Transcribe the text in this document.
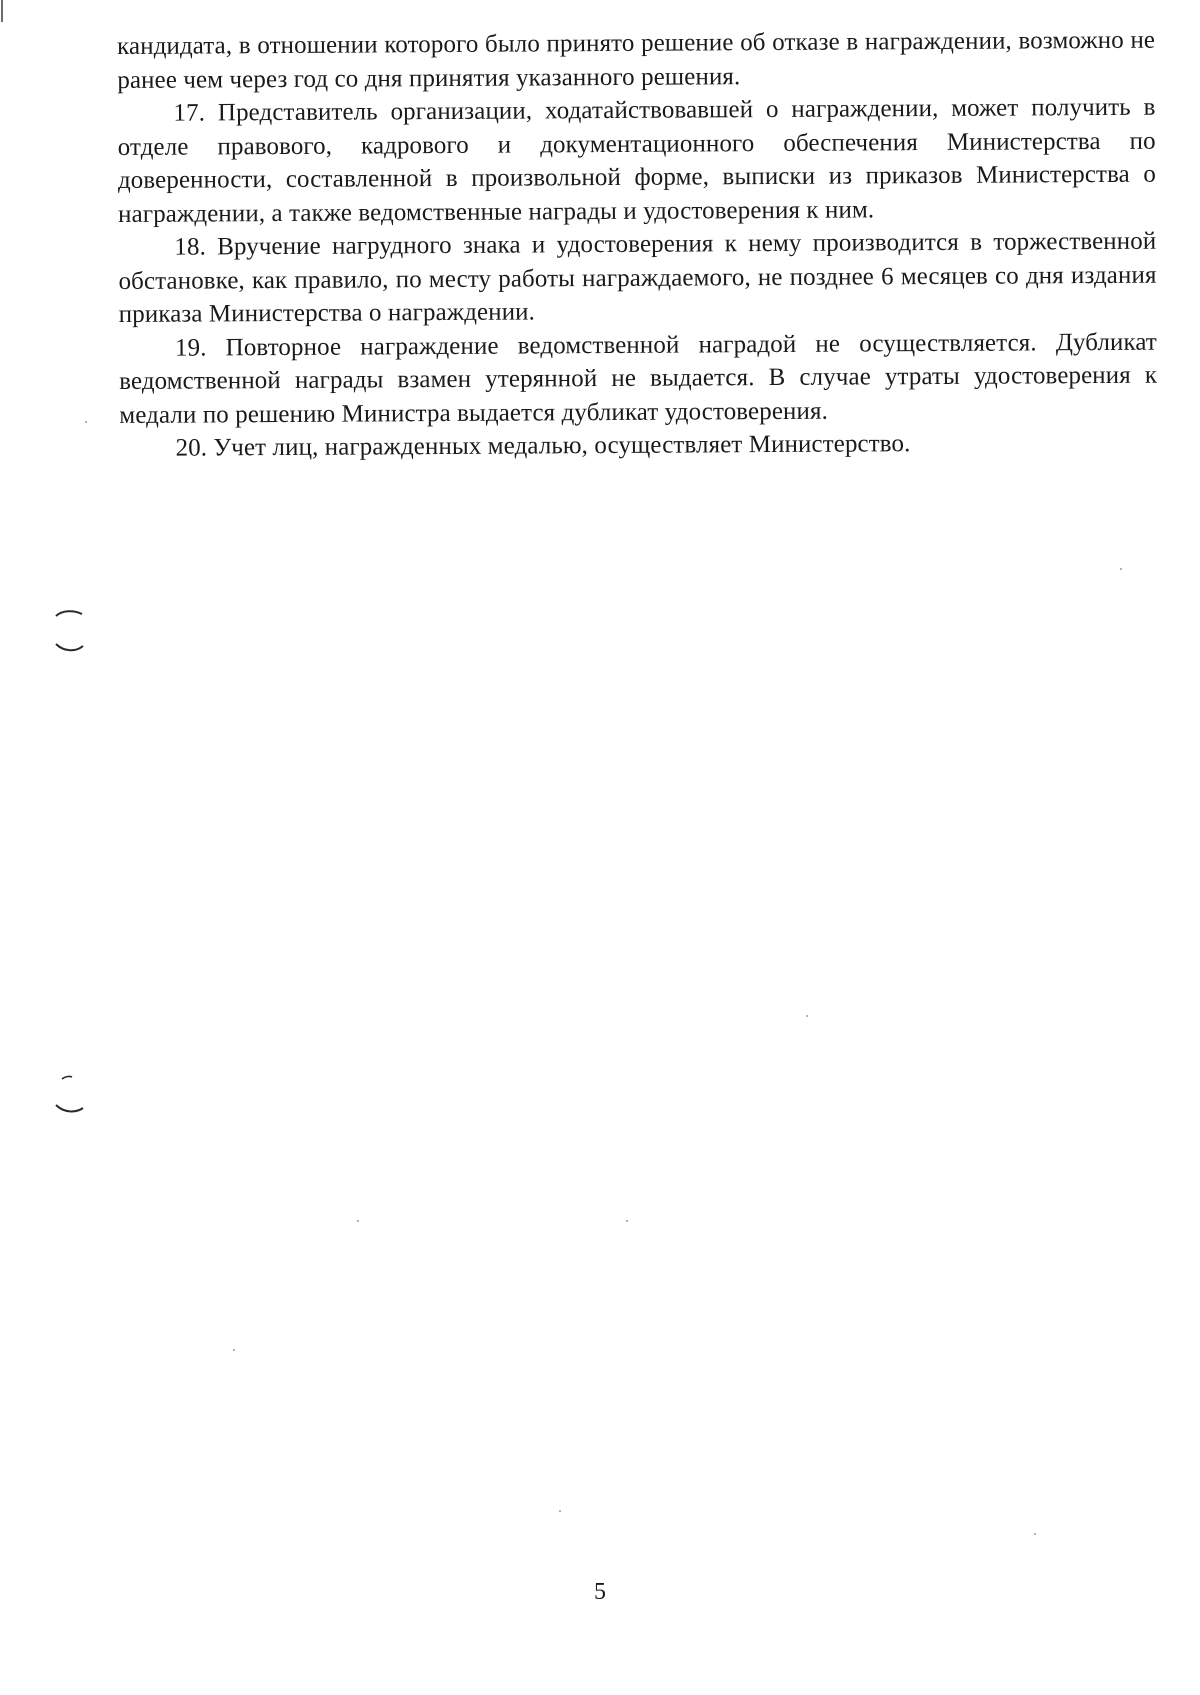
кандидата, в отношении которого было принято решение об отказе в награждении, возможно не ранее чем через год со дня принятия указанного решения.

17. Представитель организации, ходатайствовавшей о награждении, может получить в отделе правового, кадрового и документационного обеспечения Министерства по доверенности, составленной в произвольной форме, выписки из приказов Министерства о награждении, а также ведомственные награды и удостоверения к ним.

18. Вручение нагрудного знака и удостоверения к нему производится в торжественной обстановке, как правило, по месту работы награждаемого, не позднее 6 месяцев со дня издания приказа Министерства о награждении.

19. Повторное награждение ведомственной наградой не осуществляется. Дубликат ведомственной награды взамен утерянной не выдается. В случае утраты удостоверения к медали по решению Министра выдается дубликат удостоверения.

20. Учет лиц, награжденных медалью, осуществляет Министерство.

5
